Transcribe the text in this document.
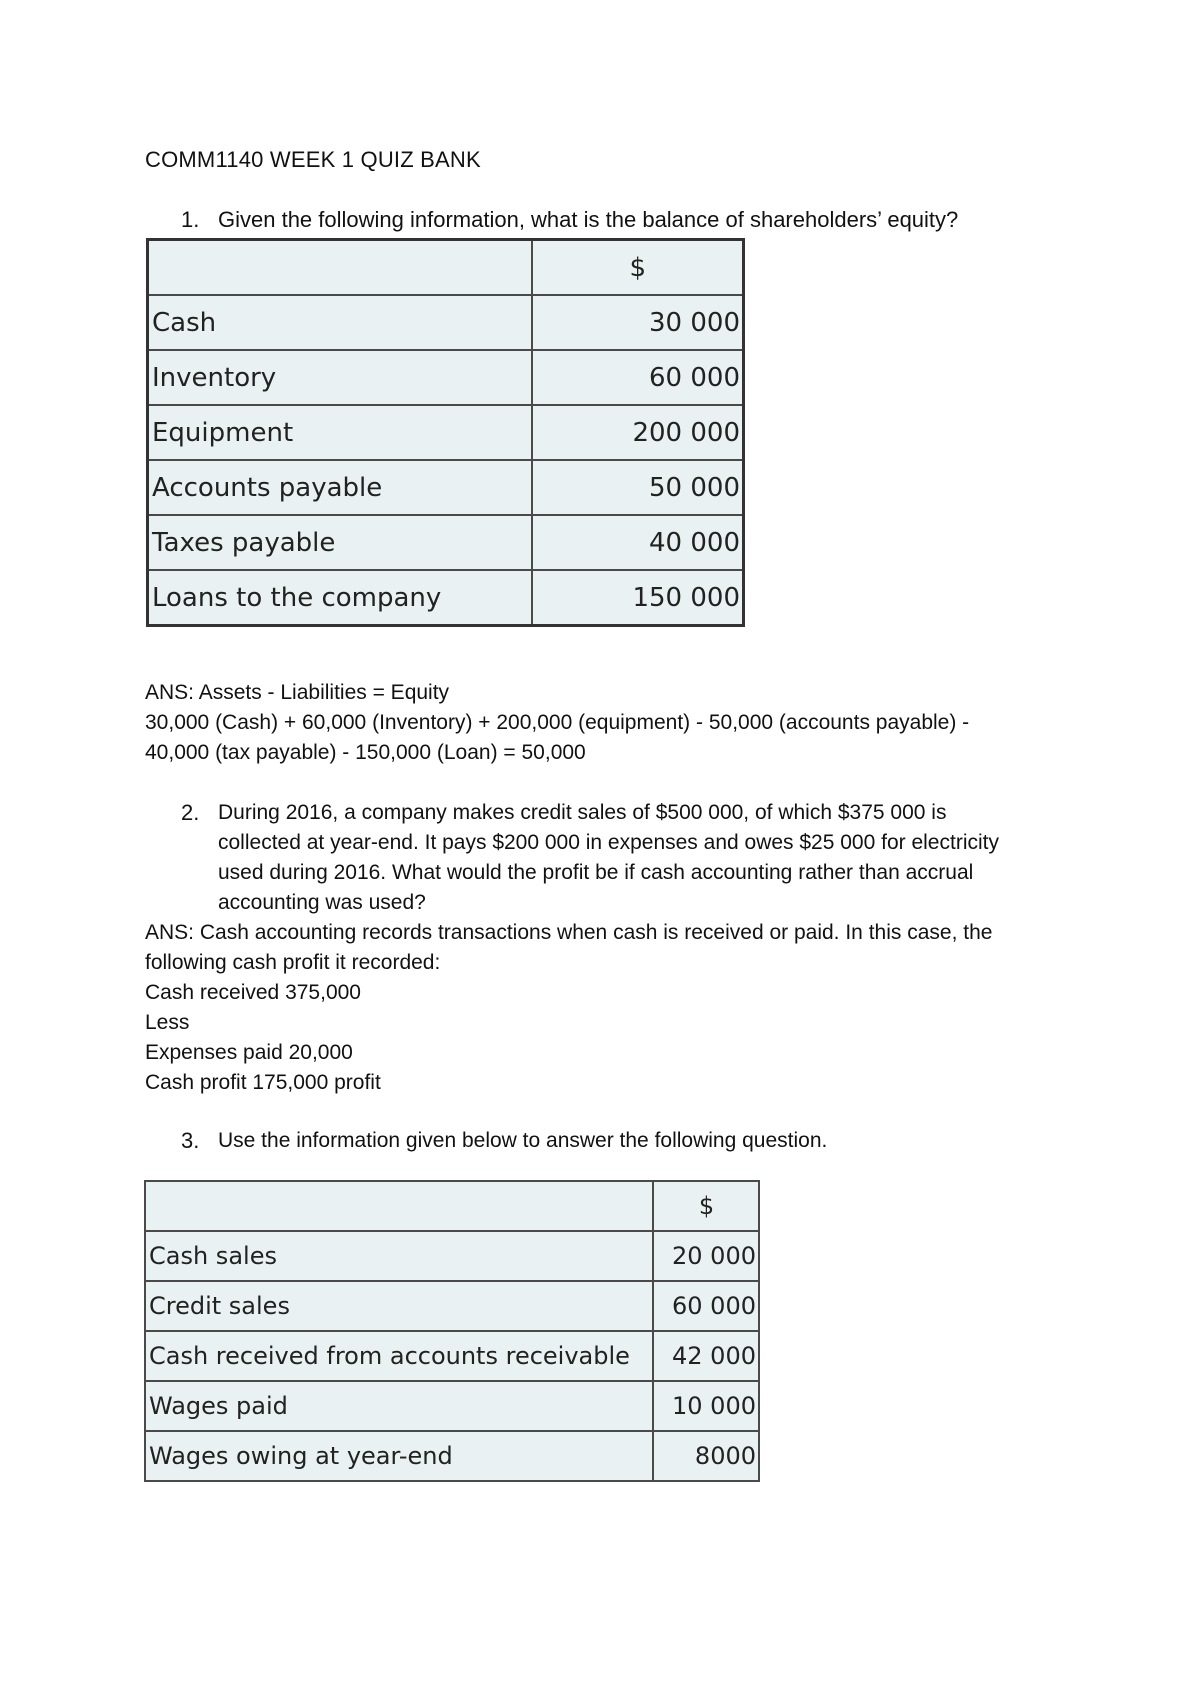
COMM1140 WEEK 1 QUIZ BANK
1. Given the following information, what is the balance of shareholders’ equity?
	$
Cash	30 000
Inventory	60 000
Equipment	200 000
Accounts payable	50 000
Taxes payable	40 000
Loans to the company	150 000
ANS: Assets - Liabilities = Equity
30,000 (Cash) + 60,000 (Inventory) + 200,000 (equipment) - 50,000 (accounts payable) -
40,000 (tax payable) - 150,000 (Loan) = 50,000
2. During 2016, a company makes credit sales of $500 000, of which $375 000 is
collected at year-end. It pays $200 000 in expenses and owes $25 000 for electricity
used during 2016. What would the profit be if cash accounting rather than accrual
accounting was used?
ANS: Cash accounting records transactions when cash is received or paid. In this case, the
following cash profit it recorded:
Cash received 375,000
Less
Expenses paid 20,000
Cash profit 175,000 profit
3. Use the information given below to answer the following question.
	$
Cash sales	20 000
Credit sales	60 000
Cash received from accounts receivable	42 000
Wages paid	10 000
Wages owing at year-end	8000
